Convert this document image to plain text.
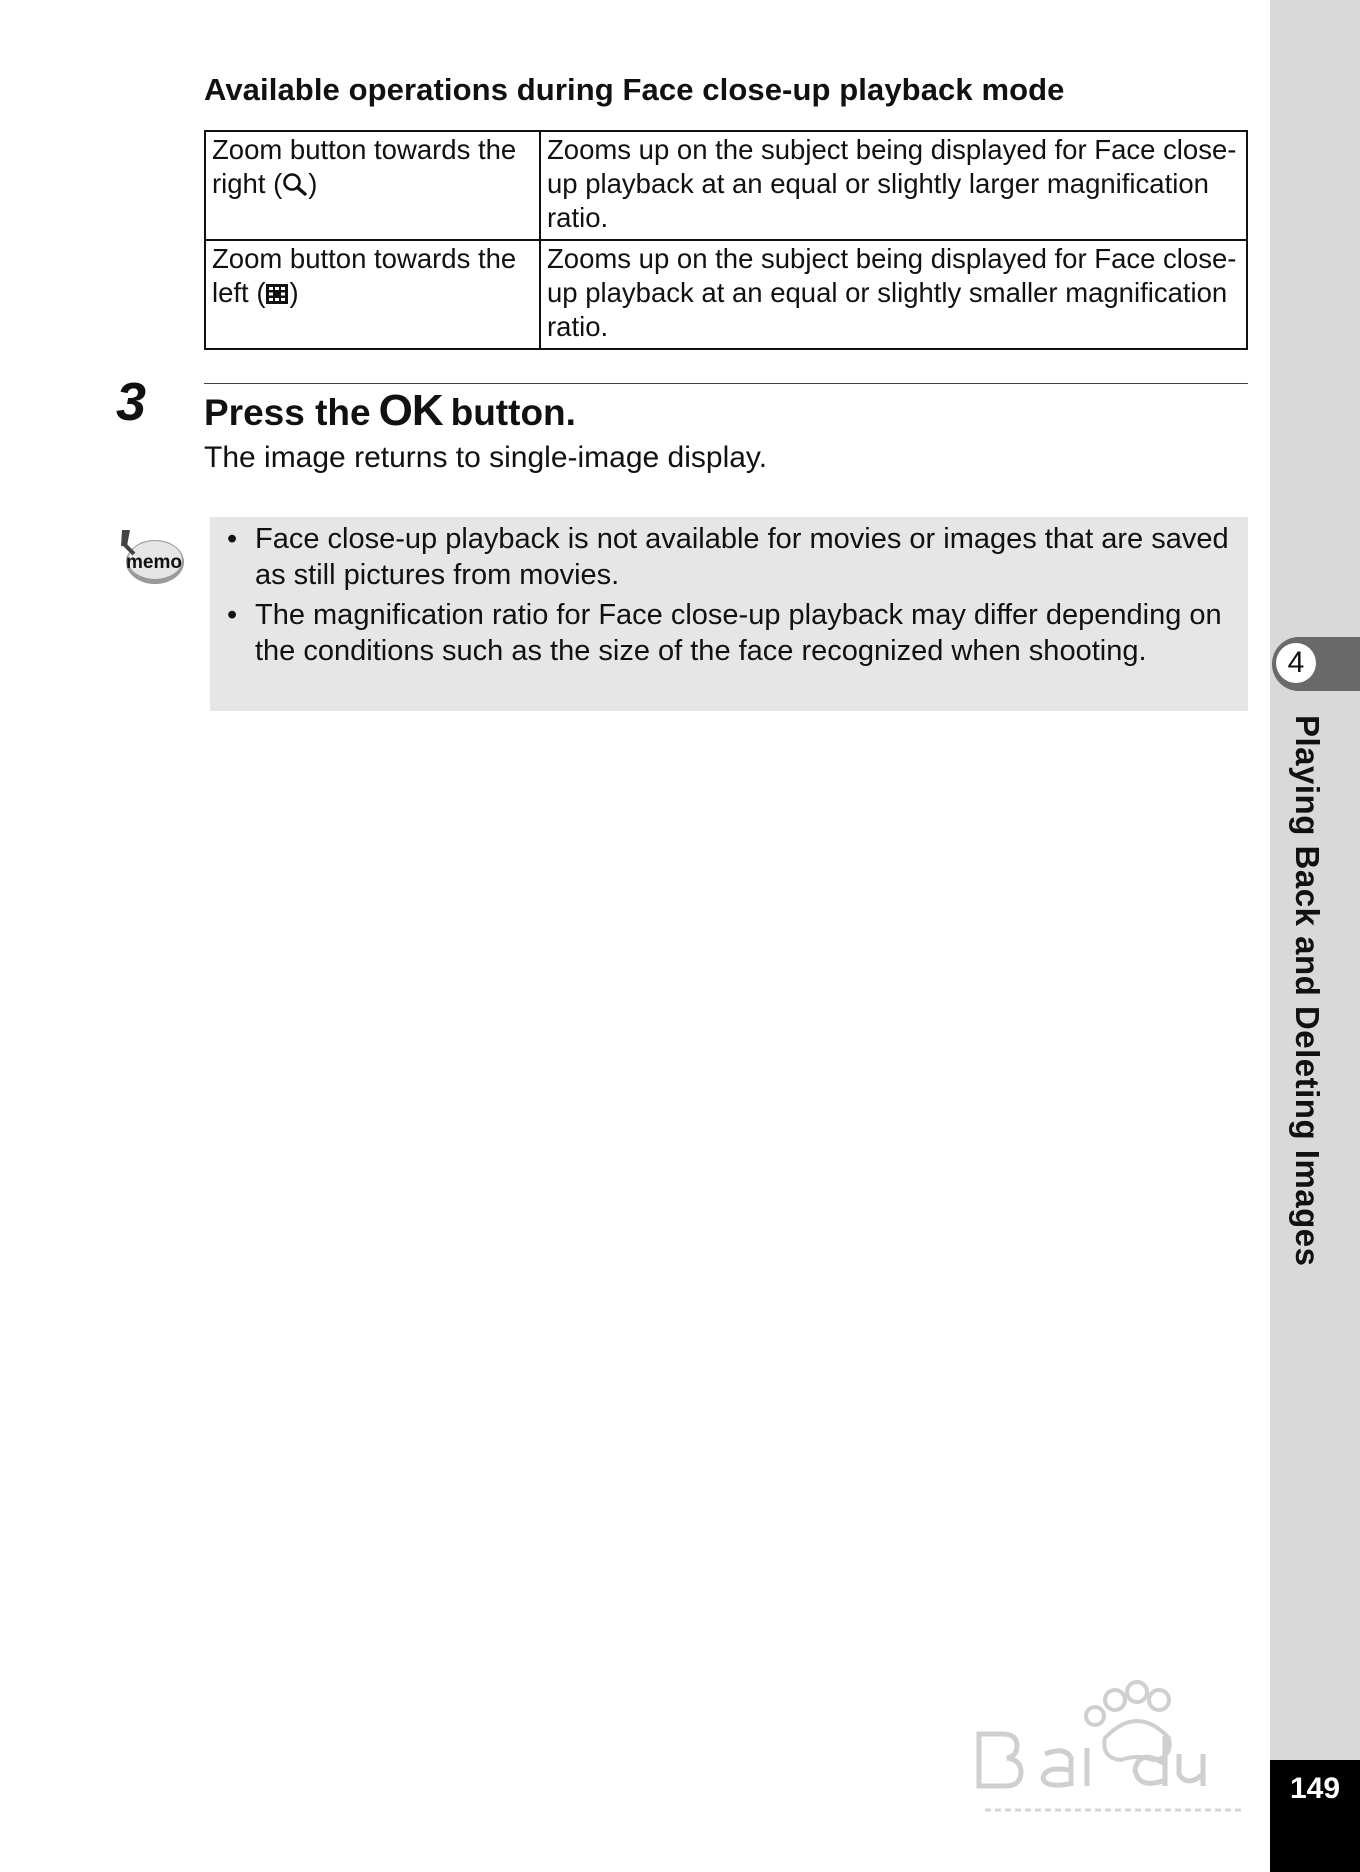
Available operations during Face close-up playback mode
Zoom button towards the right ( )	Zooms up on the subject being displayed for Face close-up playback at an equal or slightly larger magnification ratio.
Zoom button towards the left ( )	Zooms up on the subject being displayed for Face close-up playback at an equal or slightly smaller magnification ratio.
3 Press the OK button.
The image returns to single-image display.
memo
• Face close-up playback is not available for movies or images that are saved as still pictures from movies.
• The magnification ratio for Face close-up playback may differ depending on the conditions such as the size of the face recognized when shooting.	4
Playing Back and Deleting Images
149
